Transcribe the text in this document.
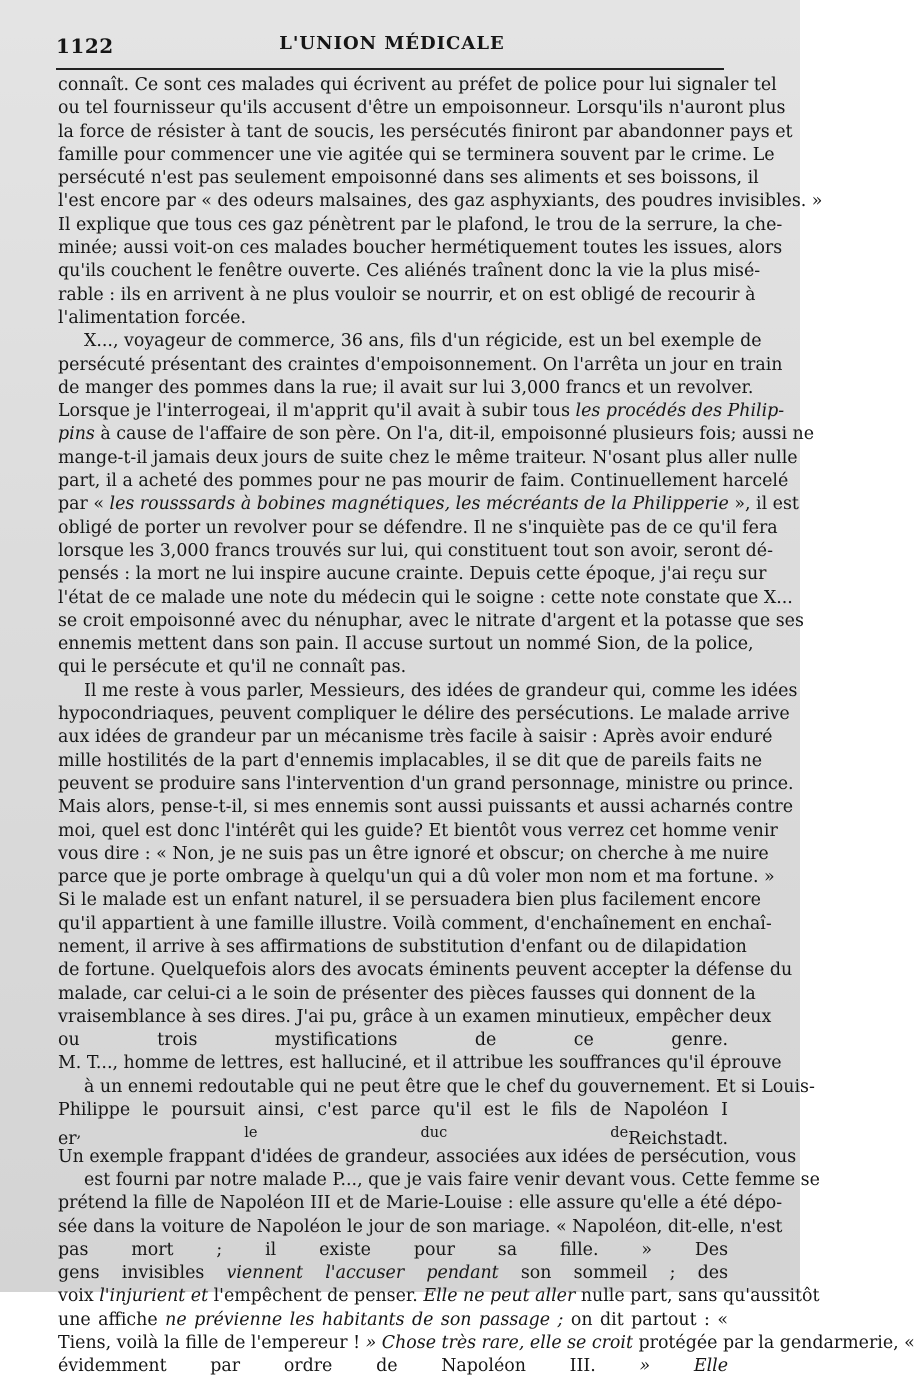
1122	L'UNION MÉDICALE
connaît. Ce sont ces malades qui écrivent au préfet de police pour lui signaler tel
ou tel fournisseur qu'ils accusent d'être un empoisonneur. Lorsqu'ils n'auront plus
la force de résister à tant de soucis, les persécutés finiront par abandonner pays et
famille pour commencer une vie agitée qui se terminera souvent par le crime. Le
persécuté n'est pas seulement empoisonné dans ses aliments et ses boissons, il
l'est encore par « des odeurs malsaines, des gaz asphyxiants, des poudres invisibles. »
Il explique que tous ces gaz pénètrent par le plafond, le trou de la serrure, la che-
minée; aussi voit-on ces malades boucher hermétiquement toutes les issues, alors
qu'ils couchent le fenêtre ouverte. Ces aliénés traînent donc la vie la plus misé-
rable : ils en arrivent à ne plus vouloir se nourrir, et on est obligé de recourir à
l'alimentation forcée.
X..., voyageur de commerce, 36 ans, fils d'un régicide, est un bel exemple de
persécuté présentant des craintes d'empoisonnement. On l'arrêta un jour en train
de manger des pommes dans la rue; il avait sur lui 3,000 francs et un revolver.
Lorsque je l'interrogeai, il m'apprit qu'il avait à subir tous les procédés des Philip-
pins à cause de l'affaire de son père. On l'a, dit-il, empoisonné plusieurs fois; aussi ne
mange-t-il jamais deux jours de suite chez le même traiteur. N'osant plus aller nulle
part, il a acheté des pommes pour ne pas mourir de faim. Continuellement harcelé
par « les rousssards à bobines magnétiques, les mécréants de la Philipperie », il est
obligé de porter un revolver pour se défendre. Il ne s'inquiète pas de ce qu'il fera
lorsque les 3,000 francs trouvés sur lui, qui constituent tout son avoir, seront dé-
pensés : la mort ne lui inspire aucune crainte. Depuis cette époque, j'ai reçu sur
l'état de ce malade une note du médecin qui le soigne : cette note constate que X...
se croit empoisonné avec du nénuphar, avec le nitrate d'argent et la potasse que ses
ennemis mettent dans son pain. Il accuse surtout un nommé Sion, de la police,
qui le persécute et qu'il ne connaît pas.
Il me reste à vous parler, Messieurs, des idées de grandeur qui, comme les idées
hypocondriaques, peuvent compliquer le délire des persécutions. Le malade arrive
aux idées de grandeur par un mécanisme très facile à saisir : Après avoir enduré
mille hostilités de la part d'ennemis implacables, il se dit que de pareils faits ne
peuvent se produire sans l'intervention d'un grand personnage, ministre ou prince.
Mais alors, pense-t-il, si mes ennemis sont aussi puissants et aussi acharnés contre
moi, quel est donc l'intérêt qui les guide? Et bientôt vous verrez cet homme venir
vous dire : « Non, je ne suis pas un être ignoré et obscur; on cherche à me nuire
parce que je porte ombrage à quelqu'un qui a dû voler mon nom et ma fortune. »
Si le malade est un enfant naturel, il se persuadera bien plus facilement encore
qu'il appartient à une famille illustre. Voilà comment, d'enchaînement en enchaî-
nement, il arrive à ses affirmations de substitution d'enfant ou de dilapidation
de fortune. Quelquefois alors des avocats éminents peuvent accepter la défense du
malade, car celui-ci a le soin de présenter des pièces fausses qui donnent de la
vraisemblance à ses dires. J'ai pu, grâce à un examen minutieux, empêcher deux
ou trois mystifications de ce genre.
M. T..., homme de lettres, est halluciné, et il attribue les souffrances qu'il éprouve
à un ennemi redoutable qui ne peut être que le chef du gouvernement. Et si Louis-
Philippe le poursuit ainsi, c'est parce qu'il est le fils de Napoléon I
$er^{, le duc de}Reichstadt$.
Un exemple frappant d'idées de grandeur, associées aux idées de persécution, vous
est fourni par notre malade P..., que je vais faire venir devant vous. Cette femme se
prétend la fille de Napoléon III et de Marie-Louise : elle assure qu'elle a été dépo-
sée dans la voiture de Napoléon le jour de son mariage. « Napoléon, dit-elle, n'est
pas mort ; il existe pour sa fille. » Des
gens invisibles viennent l'accuser pendant son sommeil ; des
voix l'injurient et l'empêchent de penser. Elle ne peut aller nulle part, sans qu'aussitôt
une affiche ne prévienne les habitants de son passage ; on dit partout : «
Tiens, voilà la fille de l'empereur ! » Chose très rare, elle se croit protégée par la gendarmerie, «
évidemment par ordre de Napoléon III.	» Elle
